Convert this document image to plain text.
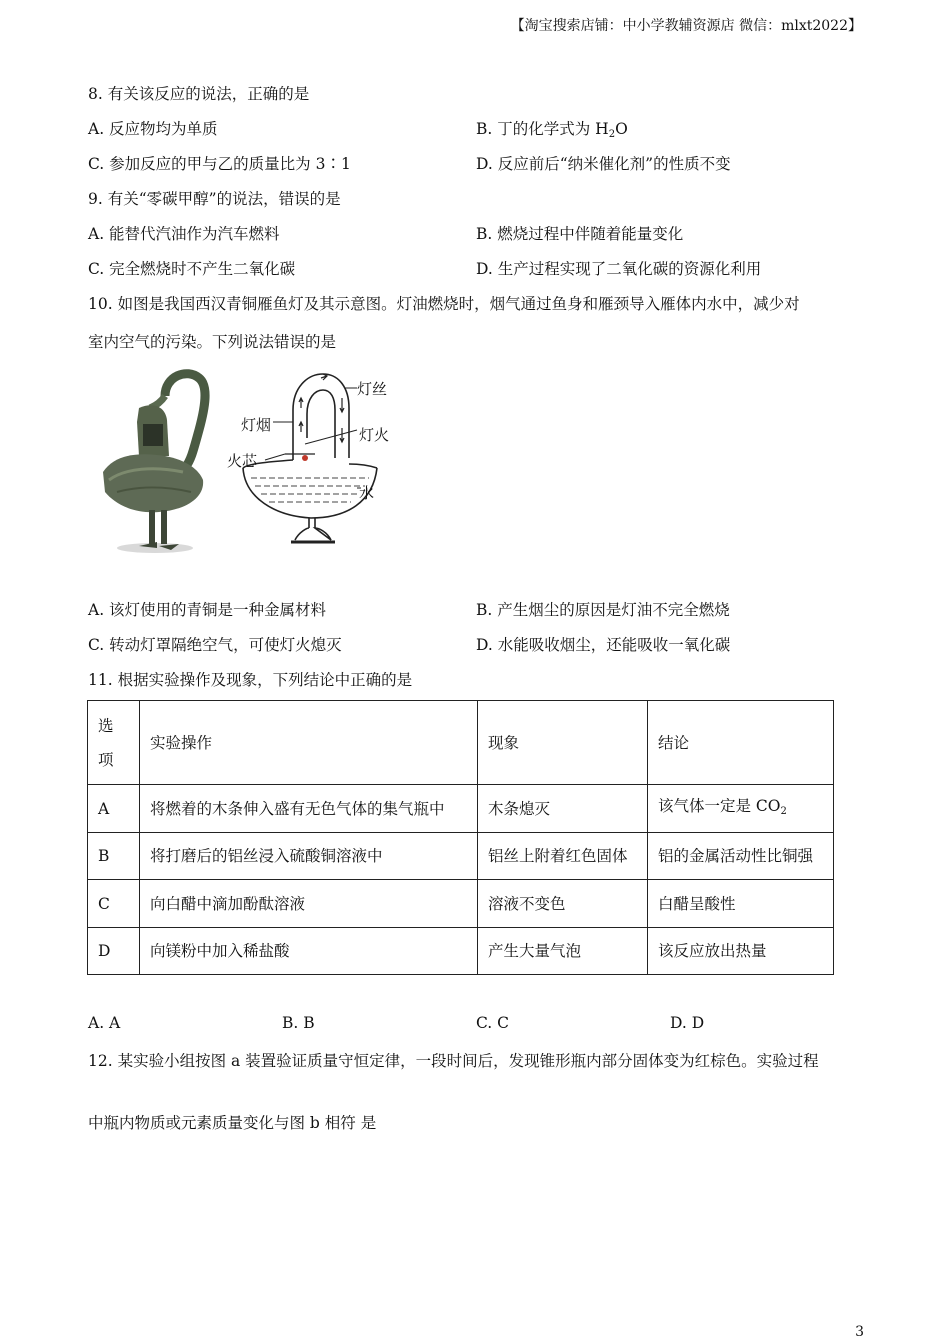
【淘宝搜索店铺：中小学教辅资源店 微信：mlxt2022】
8. 有关该反应的说法，正确的是
A. 反应物均为单质	B. 丁的化学式为 $H_2O$
C. 参加反应的甲与乙的质量比为 3∶1	D. 反应前后“纳米催化剂”的性质不变
9. 有关“零碳甲醇”的说法，错误的是
A. 能替代汽油作为汽车燃料	B. 燃烧过程中伴随着能量变化
C. 完全燃烧时不产生二氧化碳	D. 生产过程实现了二氧化碳的资源化利用
10. 如图是我国西汉青铜雁鱼灯及其示意图。灯油燃烧时，烟气通过鱼身和雁颈导入雁体内水中，减少对
室内空气的污染。下列说法错误的是
灯丝
灯烟
灯火
火芯
水
A. 该灯使用的青铜是一种金属材料	B. 产生烟尘的原因是灯油不完全燃烧
C. 转动灯罩隔绝空气，可使灯火熄灭	D. 水能吸收烟尘，还能吸收一氧化碳
11. 根据实验操作及现象，下列结论中正确的是
选
项	实验操作	现象	结论
A	将燃着的木条伸入盛有无色气体的集气瓶中	木条熄灭	该气体一定是 $CO_2$
B	将打磨后的铝丝浸入硫酸铜溶液中	铝丝上附着红色固体	铝的金属活动性比铜强
C	向白醋中滴加酚酞溶液	溶液不变色	白醋呈酸性
D	向镁粉中加入稀盐酸	产生大量气泡	该反应放出热量
A. A	B. B	C. C	D. D
12. 某实验小组按图 a 装置验证质量守恒定律，一段时间后，发现锥形瓶内部分固体变为红棕色。实验过程
中瓶内物质或元素质量变化与图 b 相符 是
3
